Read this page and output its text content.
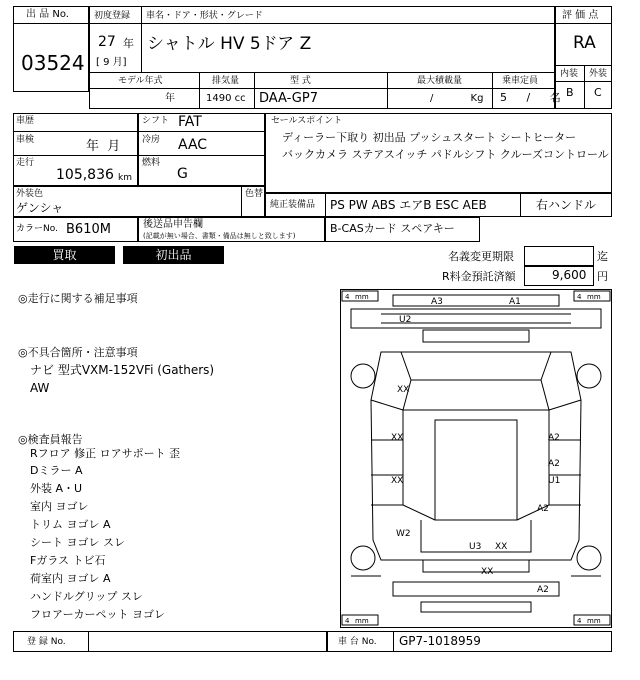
出 品 No.
03524
初度登録
27 年
[ 9 月]
車名・ドア・形状・グレード
シャトル HV 5ドア Z
モデル年式
年
排気量
1490 cc
型 式
DAA-GP7
最大積載量
/ Kg
乗車定員
5 / 名
評 価 点
RA
内装 外装
B C
車歴
車検	年  月
走行
105,836 km
シフト FAT
冷房 AAC
燃料
G
セールスポイント
ディーラー下取り 初出品 プッシュスタート シートヒーター
バックカメラ ステアスイッチ パドルシフト クルーズコントロール
外装色
ゲンシャ
色替
純正装備品 PS PW ABS エアB ESC AEB	右ハンドル
カラーNo. B610M	後送品申告欄
(記載が無い場合、書類・備品は無しと致します)
B-CASカード スペアキー
買取	初出品	名義変更期限	迄
R料金預託済額	9,600 円
◎走行に関する補足事項
◎不具合箇所・注意事項
ナビ 型式VXM-152VFi (Gathers)
AW
◎検査員報告
Rフロア 修正 ロアサポート 歪
Dミラー A
外装 A・U
室内 ヨゴレ
トリム ヨゴレ A
シート ヨゴレ スレ
Fガラス トビ石
荷室内 ヨゴレ A
ハンドルグリップ スレ
フロアーカーペット ヨゴレ
4 mm	4 mm
4 mm	4 mm
A3	A1
U2
XX
XX
XX
A2
A2
U1
A2
W2
U3 XX
XX
A2
登 録 No.	車 台 No. GP7-1018959
